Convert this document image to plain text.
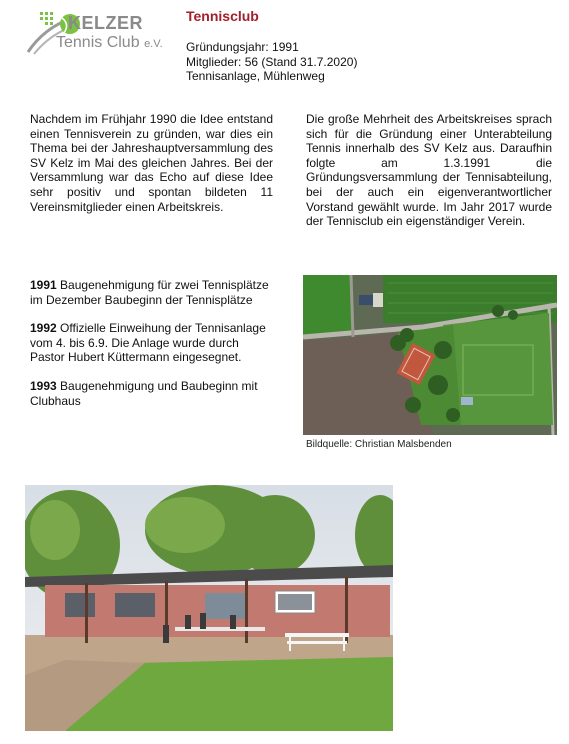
KELZER
Tennis Club e.V.
Tennisclub
Gründungsjahr: 1991
Mitglieder: 56 (Stand 31.7.2020)
Tennisanlage, Mühlenweg

Nachdem im Frühjahr 1990 die Idee entstand einen Tennisverein zu gründen, war dies ein Thema bei der Jahreshauptversammlung des SV Kelz im Mai des gleichen Jahres. Bei der Versammlung war das Echo auf diese Idee sehr positiv und spontan bildeten 11 Vereinsmitglieder einen Arbeitskreis.

Die große Mehrheit des Arbeitskreises sprach sich für die Gründung einer Unterabteilung Tennis innerhalb des SV Kelz aus. Daraufhin folgte am 1.3.1991 die Gründungsversammlung der Tennisabteilung, bei der auch ein eigenverantwortlicher Vorstand gewählt wurde. Im Jahr 2017 wurde der Tennisclub ein eigenständiger Verein.

1991 Baugenehmigung für zwei Tennisplätze im Dezember Baubeginn der Tennisplätze

1992 Offizielle Einweihung der Tennisanlage vom 4. bis 6.9. Die Anlage wurde durch Pastor Hubert Küttermann eingesegnet.

1993 Baugenehmigung und Baubeginn mit Clubhaus

Bildquelle: Christian Malsbenden
